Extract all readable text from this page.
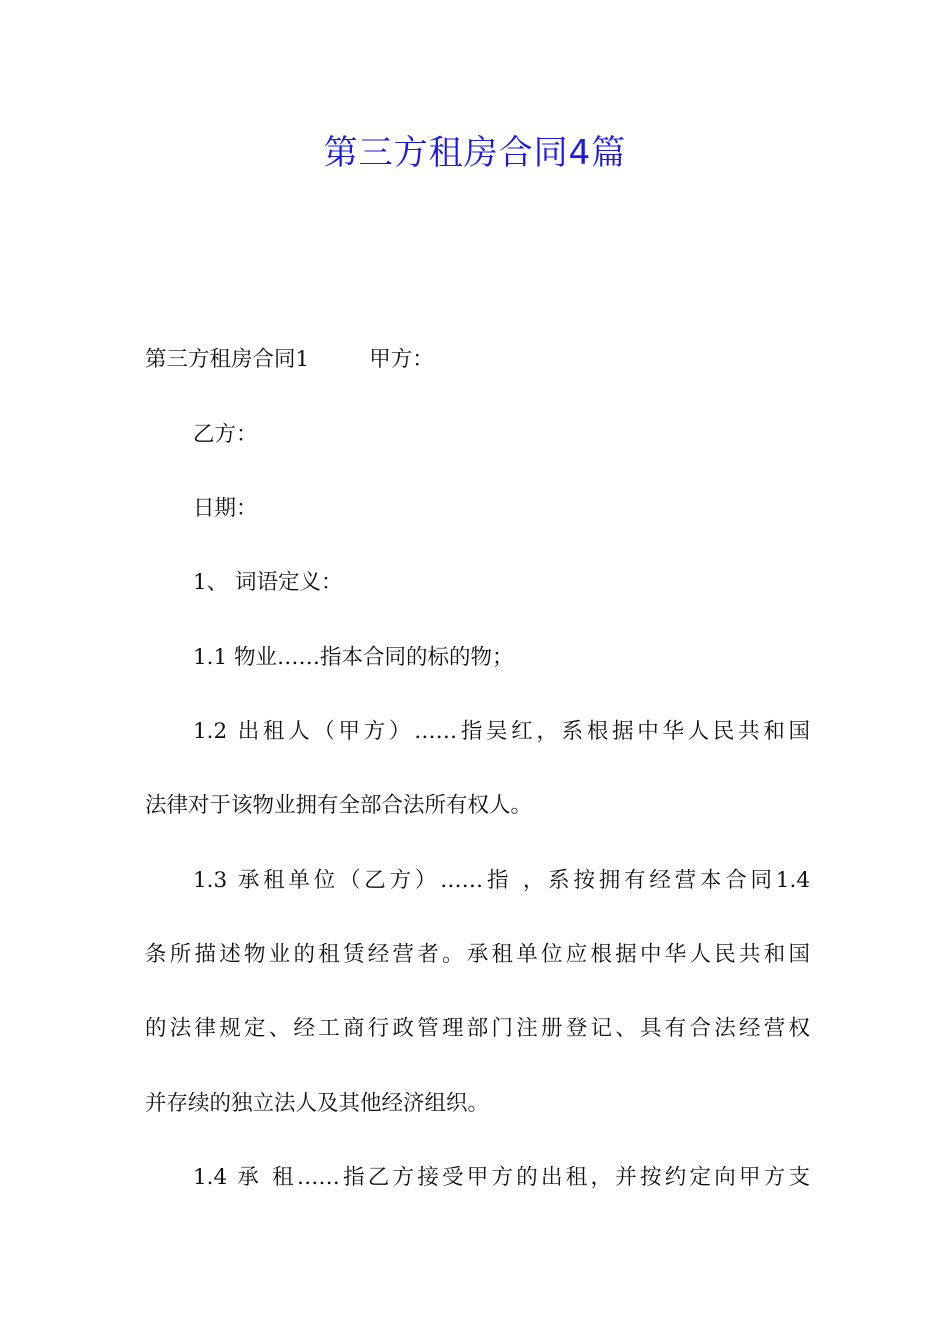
第三方租房合同4篇

第三方租房合同1	甲方：

乙方：

日期：

1、 词语定义：

1.1 物业……指本合同的标的物；

1.2 出租人（甲方）……指吴红，系根据中华人民共和国

法律对于该物业拥有全部合法所有权人。

1.3 承租单位（乙方）……指 ，系按拥有经营本合同1.4

条所描述物业的租赁经营者。承租单位应根据中华人民共和国

的法律规定、经工商行政管理部门注册登记、具有合法经营权

并存续的独立法人及其他经济组织。

1.4 承 租……指乙方接受甲方的出租，并按约定向甲方支
